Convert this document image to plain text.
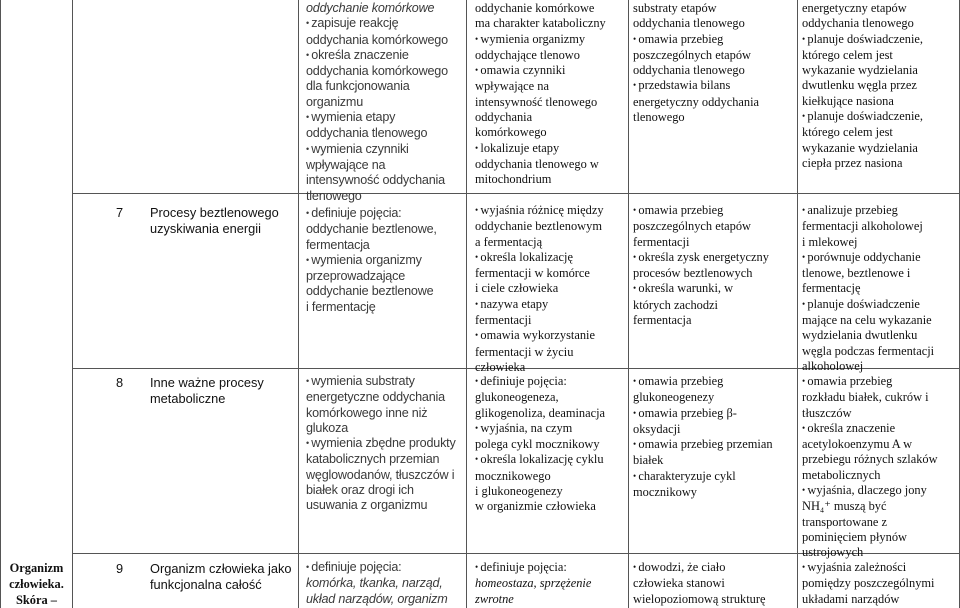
Organizm
człowieka.
Skóra –
7 Procesy beztlenowego
uzyskiwania energii
8 Inne ważne procesy
metaboliczne
9 Organizm człowieka jako
funkcjonalna całość
oddychanie komórkowe
• zapisuje reakcję
oddychania komórkowego
• określa znaczenie
oddychania komórkowego
dla funkcjonowania
organizmu
• wymienia etapy
oddychania tlenowego
• wymienia czynniki
wpływające na
intensywność oddychania
tlenowego
• definiuje pojęcia:
oddychanie beztlenowe,
fermentacja
• wymienia organizmy
przeprowadzające
oddychanie beztlenowe
i fermentację
• wymienia substraty
energetyczne oddychania
komórkowego inne niż
glukoza
• wymienia zbędne produkty
katabolicznych przemian
węglowodanów, tłuszczów i
białek oraz drogi ich
usuwania z organizmu
• definiuje pojęcia:
komórka, tkanka, narząd,
układ narządów, organizm
oddychanie komórkowe
ma charakter kataboliczny
• wymienia organizmy
oddychające tlenowo
• omawia czynniki
wpływające na
intensywność tlenowego
oddychania
komórkowego
• lokalizuje etapy
oddychania tlenowego w
mitochondrium
• wyjaśnia różnicę między
oddychanie beztlenowym
a fermentacją
• określa lokalizację
fermentacji w komórce
i ciele człowieka
• nazywa etapy
fermentacji
• omawia wykorzystanie
fermentacji w życiu
człowieka
• definiuje pojęcia:
glukoneogeneza,
glikogenoliza, deaminacja
• wyjaśnia, na czym
polega cykl mocznikowy
• określa lokalizację cyklu
mocznikowego
i glukoneogenezy
w organizmie człowieka
• definiuje pojęcia:
homeostaza, sprzężenie
zwrotne
substraty etapów
oddychania tlenowego
• omawia przebieg
poszczególnych etapów
oddychania tlenowego
• przedstawia bilans
energetyczny oddychania
tlenowego
• omawia przebieg
poszczególnych etapów
fermentacji
• określa zysk energetyczny
procesów beztlenowych
• określa warunki, w
których zachodzi
fermentacja
• omawia przebieg
glukoneogenezy
• omawia przebieg β-
oksydacji
• omawia przebieg przemian
białek
• charakteryzuje cykl
mocznikowy
• dowodzi, że ciało
człowieka stanowi
wielopoziomową strukturę
energetyczny etapów
oddychania tlenowego
• planuje doświadczenie,
którego celem jest
wykazanie wydzielania
dwutlenku węgla przez
kiełkujące nasiona
• planuje doświadczenie,
którego celem jest
wykazanie wydzielania
ciepła przez nasiona
• analizuje przebieg
fermentacji alkoholowej
i mlekowej
• porównuje oddychanie
tlenowe, beztlenowe i
fermentację
• planuje doświadczenie
mające na celu wykazanie
wydzielania dwutlenku
węgla podczas fermentacji
alkoholowej
• omawia przebieg
rozkładu białek, cukrów i
tłuszczów
• określa znaczenie
acetylokoenzymu A w
przebiegu różnych szlaków
metabolicznych
• wyjaśnia, dlaczego jony
NH₄⁺ muszą być
transportowane z
pominięciem płynów
ustrojowych
• wyjaśnia zależności
pomiędzy poszczególnymi
układami narządów
